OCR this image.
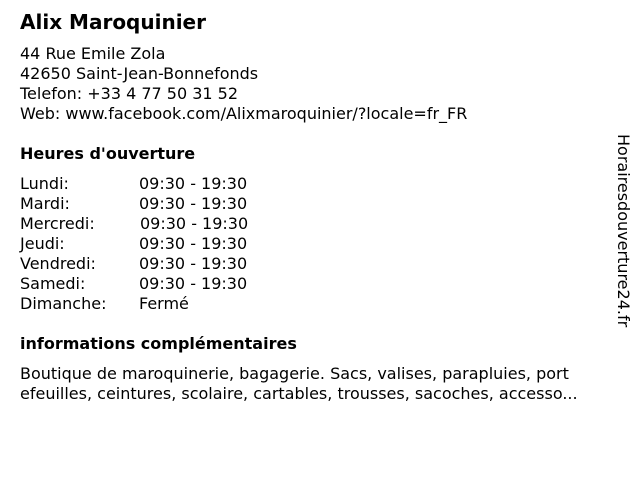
Alix Maroquinier
44 Rue Emile Zola
42650 Saint-Jean-Bonnefonds
Telefon: +33 4 77 50 31 52
Web: www.facebook.com/Alixmaroquinier/?locale=fr_FR
Heures d'ouverture
Lundi:	09:30 - 19:30
Mardi:	09:30 - 19:30
Mercredi:	09:30 - 19:30
Jeudi:	09:30 - 19:30
Vendredi:	09:30 - 19:30
Samedi:	09:30 - 19:30
Dimanche: Fermé
informations complémentaires
Boutique de maroquinerie, bagagerie. Sacs, valises, parapluies, port
efeuilles, ceintures, scolaire, cartables, trousses, sacoches, accesso...
Horairesdouverture24.fr
